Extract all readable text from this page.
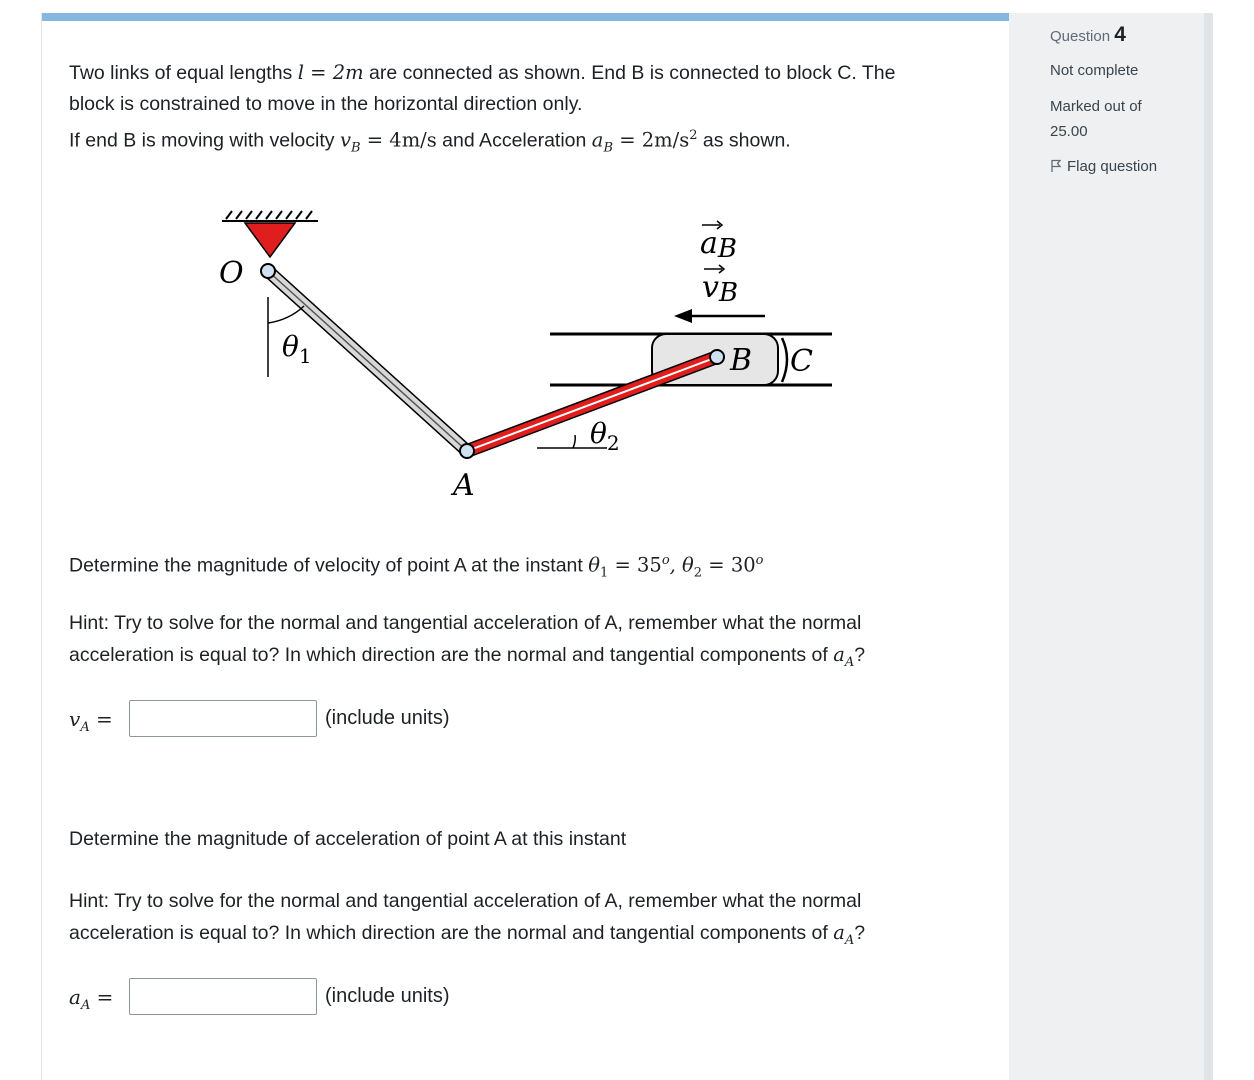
Two links of equal lengths l = 2m are connected as shown. End B is connected to block C. The
block is constrained to move in the horizontal direction only.
If end B is moving with velocity $v_B = 4m/s$ and Acceleration $a_B = 2m/s^2$ as shown.
O
A
B C
$\theta_1$
$\theta_2$
aB
vB
Determine the magnitude of velocity of point A at the instant $\theta_1 = 35^o$, $\theta_2 = 30^o$
Hint: Try to solve for the normal and tangential acceleration of A, remember what the normal
acceleration is equal to? In which direction are the normal and tangential components of $a_A$?
$v_A$ =	(include units)
Determine the magnitude of acceleration of point A at this instant
Hint: Try to solve for the normal and tangential acceleration of A, remember what the normal
acceleration is equal to? In which direction are the normal and tangential components of $a_A$?
$a_A$ =	(include units)
Question 4
Not complete
Marked out of
25.00
Flag question
